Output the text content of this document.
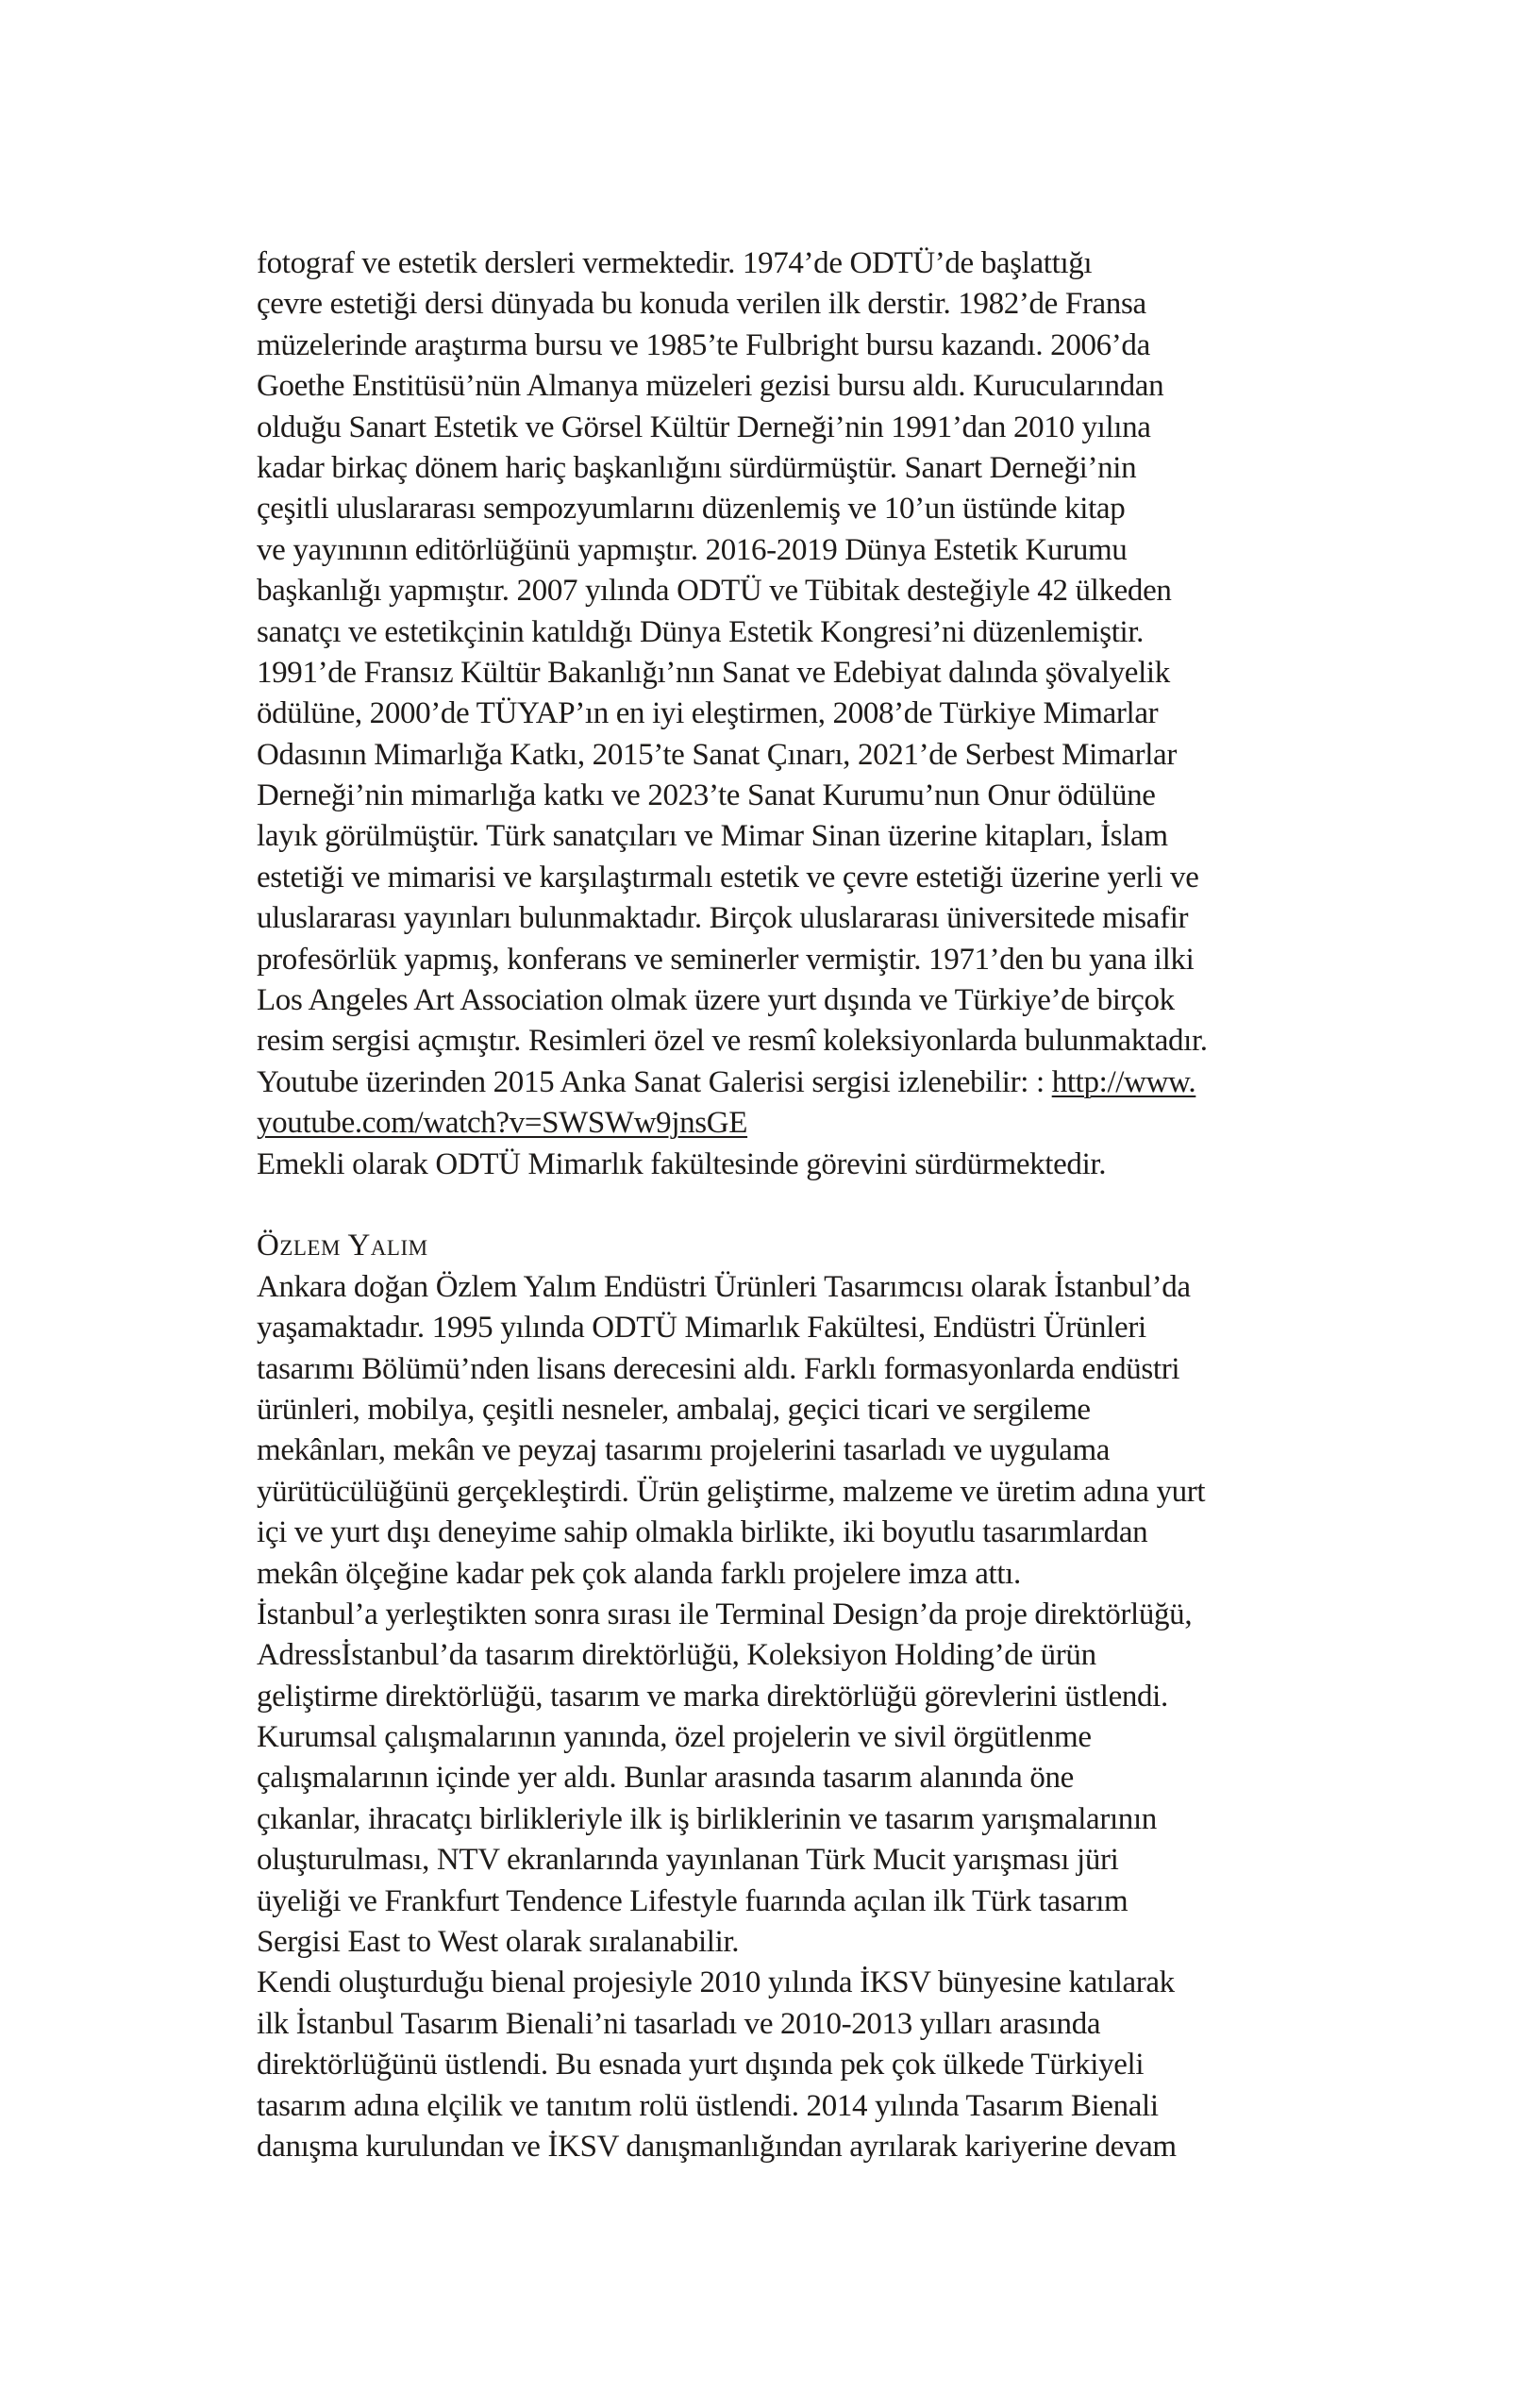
fotograf ve estetik dersleri vermektedir. 1974’de ODTÜ’de başlattığı
çevre estetiği dersi dünyada bu konuda verilen ilk derstir. 1982’de Fransa
müzelerinde araştırma bursu ve 1985’te Fulbright bursu kazandı. 2006’da
Goethe Enstitüsü’nün Almanya müzeleri gezisi bursu aldı. Kurucularından
olduğu Sanart Estetik ve Görsel Kültür Derneği’nin 1991’dan 2010 yılına
kadar birkaç dönem hariç başkanlığını sürdürmüştür. Sanart Derneği’nin
çeşitli uluslararası sempozyumlarını düzenlemiş ve 10’un üstünde kitap
ve yayınının editörlüğünü yapmıştır. 2016-2019 Dünya Estetik Kurumu
başkanlığı yapmıştır. 2007 yılında ODTÜ ve Tübitak desteğiyle 42 ülkeden
sanatçı ve estetikçinin katıldığı Dünya Estetik Kongresi’ni düzenlemiştir.
1991’de Fransız Kültür Bakanlığı’nın Sanat ve Edebiyat dalında şövalyelik
ödülüne, 2000’de TÜYAP’ın en iyi eleştirmen, 2008’de Türkiye Mimarlar
Odasının Mimarlığa Katkı, 2015’te Sanat Çınarı, 2021’de Serbest Mimarlar
Derneği’nin mimarlığa katkı ve 2023’te Sanat Kurumu’nun Onur ödülüne
layık görülmüştür. Türk sanatçıları ve Mimar Sinan üzerine kitapları, İslam
estetiği ve mimarisi ve karşılaştırmalı estetik ve çevre estetiği üzerine yerli ve
uluslararası yayınları bulunmaktadır. Birçok uluslararası üniversitede misafir
profesörlük yapmış, konferans ve seminerler vermiştir. 1971’den bu yana ilki
Los Angeles Art Association olmak üzere yurt dışında ve Türkiye’de birçok
resim sergisi açmıştır. Resimleri özel ve resmî koleksiyonlarda bulunmaktadır.
Youtube üzerinden 2015 Anka Sanat Galerisi sergisi izlenebilir: : http://www.
youtube.com/watch?v=SWSWw9jnsGE
Emekli olarak ODTÜ Mimarlık fakültesinde görevini sürdürmektedir.
Özlem Yalım
Ankara doğan Özlem Yalım Endüstri Ürünleri Tasarımcısı olarak İstanbul’da
yaşamaktadır. 1995 yılında ODTÜ Mimarlık Fakültesi, Endüstri Ürünleri
tasarımı Bölümü’nden lisans derecesini aldı. Farklı formasyonlarda endüstri
ürünleri, mobilya, çeşitli nesneler, ambalaj, geçici ticari ve sergileme
mekânları, mekân ve peyzaj tasarımı projelerini tasarladı ve uygulama
yürütücülüğünü gerçekleştirdi. Ürün geliştirme, malzeme ve üretim adına yurt
içi ve yurt dışı deneyime sahip olmakla birlikte, iki boyutlu tasarımlardan
mekân ölçeğine kadar pek çok alanda farklı projelere imza attı.
İstanbul’a yerleştikten sonra sırası ile Terminal Design’da proje direktörlüğü,
Adressİstanbul’da tasarım direktörlüğü, Koleksiyon Holding’de ürün
geliştirme direktörlüğü, tasarım ve marka direktörlüğü görevlerini üstlendi.
Kurumsal çalışmalarının yanında, özel projelerin ve sivil örgütlenme
çalışmalarının içinde yer aldı. Bunlar arasında tasarım alanında öne
çıkanlar, ihracatçı birlikleriyle ilk iş birliklerinin ve tasarım yarışmalarının
oluşturulması, NTV ekranlarında yayınlanan Türk Mucit yarışması jüri
üyeliği ve Frankfurt Tendence Lifestyle fuarında açılan ilk Türk tasarım
Sergisi East to West olarak sıralanabilir.
Kendi oluşturduğu bienal projesiyle 2010 yılında İKSV bünyesine katılarak
ilk İstanbul Tasarım Bienali’ni tasarladı ve 2010-2013 yılları arasında
direktörlüğünü üstlendi. Bu esnada yurt dışında pek çok ülkede Türkiyeli
tasarım adına elçilik ve tanıtım rolü üstlendi. 2014 yılında Tasarım Bienali
danışma kurulundan ve İKSV danışmanlığından ayrılarak kariyerine devam
